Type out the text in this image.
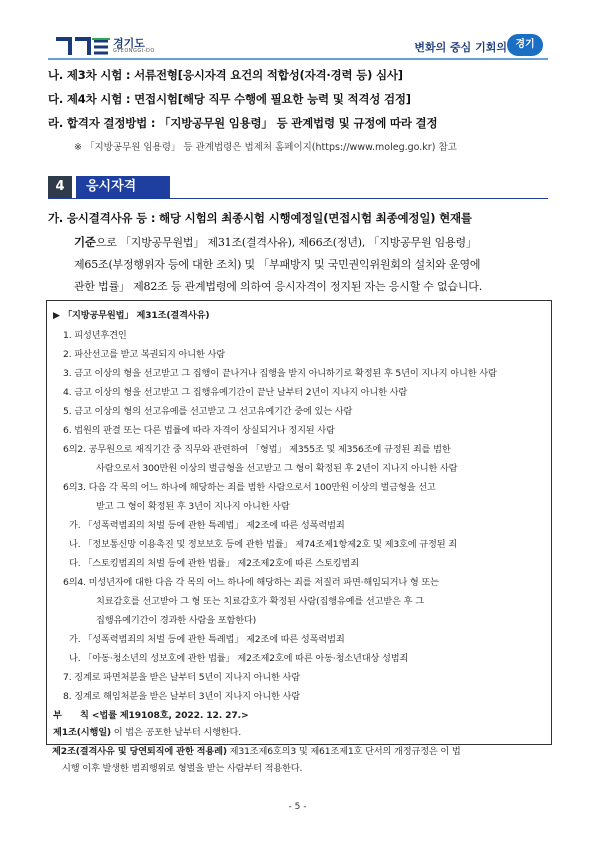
경기도
GYEONGGI-DO	변화의 중심 기회의 경기
나. 제3차 시험 : 서류전형[응시자격 요건의 적합성(자격·경력 등) 심사]
다. 제4차 시험 : 면접시험[해당 직무 수행에 필요한 능력 및 적격성 검정]
라. 합격자 결정방법 : 「지방공무원 임용령」 등 관계법령 및 규정에 따라 결정
※ 「지방공무원 임용령」 등 관계법령은 법제처 홈페이지(https://www.moleg.go.kr) 참고
4	응시자격
가. 응시결격사유 등 : 해당 시험의 최종시험 시행예정일(면접시험 최종예정일) 현재를
기준으로 「지방공무원법」 제31조(결격사유), 제66조(정년), 「지방공무원 임용령」
제65조(부정행위자 등에 대한 조치) 및 「부패방지 및 국민권익위원회의 설치와 운영에
관한 법률」 제82조 등 관계법령에 의하여 응시자격이 정지된 자는 응시할 수 없습니다.
▶ 「지방공무원법」 제31조(결격사유)
1. 피성년후견인
2. 파산선고를 받고 복권되지 아니한 사람
3. 금고 이상의 형을 선고받고 그 집행이 끝나거나 집행을 받지 아니하기로 확정된 후 5년이 지나지 아니한 사람
4. 금고 이상의 형을 선고받고 그 집행유예기간이 끝난 날부터 2년이 지나지 아니한 사람
5. 금고 이상의 형의 선고유예를 선고받고 그 선고유예기간 중에 있는 사람
6. 법원의 판결 또는 다른 법률에 따라 자격이 상실되거나 정지된 사람
6의2. 공무원으로 재직기간 중 직무와 관련하여 「형법」 제355조 및 제356조에 규정된 죄를 범한
사람으로서 300만원 이상의 벌금형을 선고받고 그 형이 확정된 후 2년이 지나지 아니한 사람
6의3. 다음 각 목의 어느 하나에 해당하는 죄를 범한 사람으로서 100만원 이상의 벌금형을 선고
받고 그 형이 확정된 후 3년이 지나지 아니한 사람
가. 「성폭력범죄의 처벌 등에 관한 특례법」 제2조에 따른 성폭력범죄
나. 「정보통신망 이용촉진 및 정보보호 등에 관한 법률」 제74조제1항제2호 및 제3호에 규정된 죄
다. 「스토킹범죄의 처벌 등에 관한 법률」 제2조제2호에 따른 스토킹범죄
6의4. 미성년자에 대한 다음 각 목의 어느 하나에 해당하는 죄를 저질러 파면·해임되거나 형 또는
치료감호를 선고받아 그 형 또는 치료감호가 확정된 사람(집행유예를 선고받은 후 그
집행유예기간이 경과한 사람을 포함한다)
가. 「성폭력범죄의 처벌 등에 관한 특례법」 제2조에 따른 성폭력범죄
나. 「아동·청소년의 성보호에 관한 법률」 제2조제2호에 따른 아동·청소년대상 성범죄
7. 징계로 파면처분을 받은 날부터 5년이 지나지 아니한 사람
8. 징계로 해임처분을 받은 날부터 3년이 지나지 아니한 사람
부      칙 <법률 제19108호, 2022. 12. 27.>
제1조(시행일) 이 법은 공포한 날부터 시행한다.
제2조(결격사유 및 당연퇴직에 관한 적용례) 제31조제6호의3 및 제61조제1호 단서의 개정규정은 이 법
시행 이후 발생한 범죄행위로 형벌을 받는 사람부터 적용한다.
- 5 -
